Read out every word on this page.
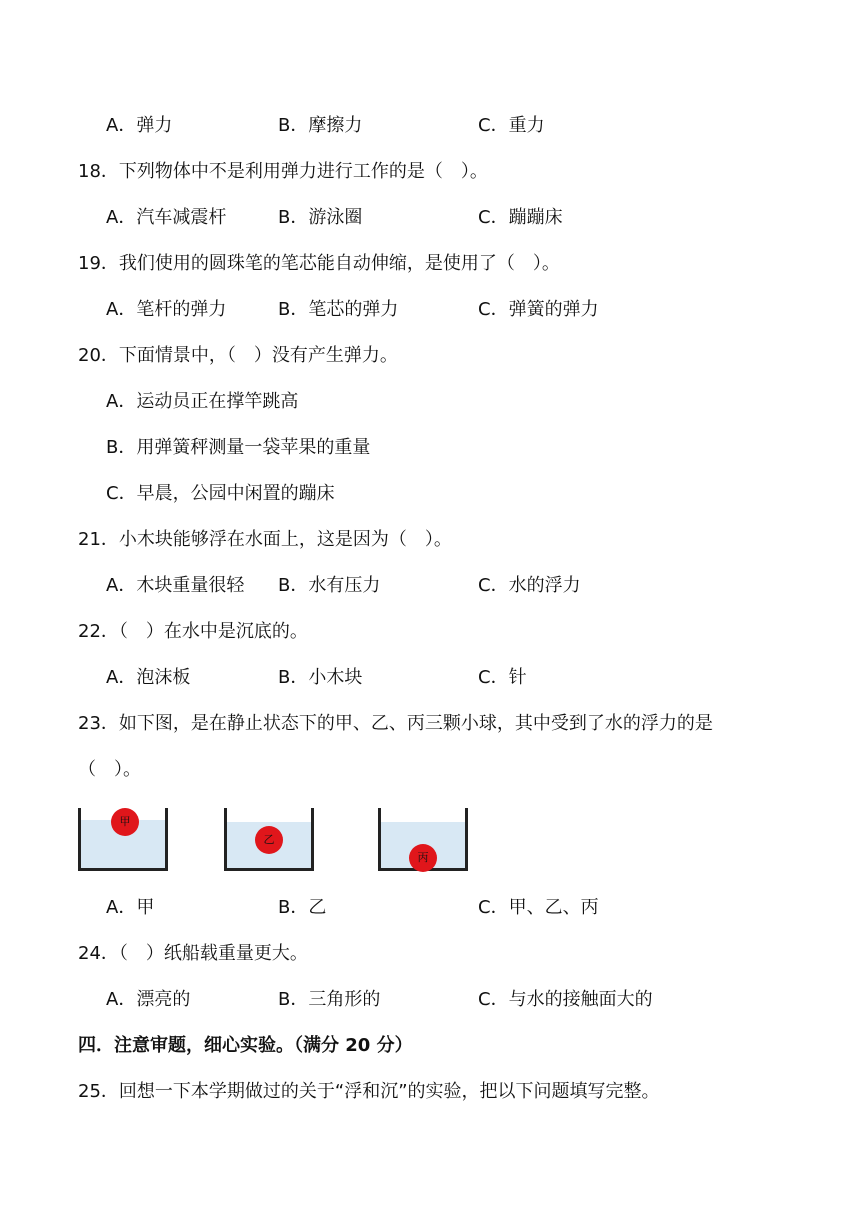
A．弹力	B．摩擦力	C．重力
18．下列物体中不是利用弹力进行工作的是（　）。
A．汽车减震杆	B．游泳圈	C．蹦蹦床
19．我们使用的圆珠笔的笔芯能自动伸缩，是使用了（　）。
A．笔杆的弹力	B．笔芯的弹力	C．弹簧的弹力
20．下面情景中，（　）没有产生弹力。
A．运动员正在撑竿跳高
B．用弹簧秤测量一袋苹果的重量
C．早晨，公园中闲置的蹦床
21．小木块能够浮在水面上，这是因为（　）。
A．木块重量很轻 B．水有压力	C．水的浮力
22．（　）在水中是沉底的。
A．泡沫板	B．小木块	C．针
23．如下图，是在静止状态下的甲、乙、丙三颗小球，其中受到了水的浮力的是
（　）。
甲
乙
丙
A．甲	B．乙	C．甲、乙、丙
24．（　）纸船载重量更大。
A．漂亮的	B．三角形的	C．与水的接触面大的
四．注意审题，细心实验。（满分 20 分）
25．回想一下本学期做过的关于“浮和沉”的实验，把以下问题填写完整。
